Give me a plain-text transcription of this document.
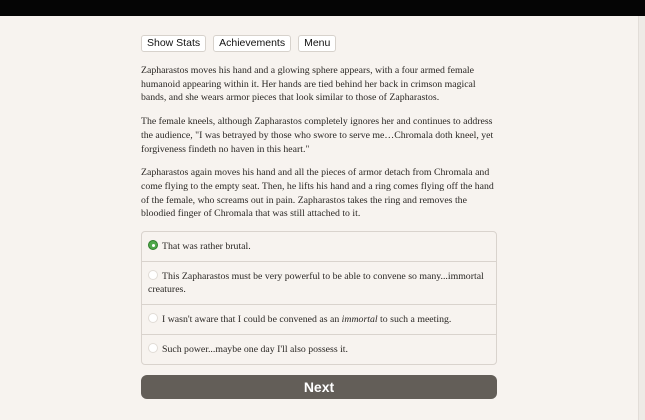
Show Stats	Achievements	Menu

Zapharastos moves his hand and a glowing sphere appears, with a four armed female humanoid appearing within it. Her hands are tied behind her back in crimson magical bands, and she wears armor pieces that look similar to those of Zapharastos.

The female kneels, although Zapharastos completely ignores her and continues to address the audience, "I was betrayed by those who swore to serve me…Chromala doth kneel, yet forgiveness findeth no haven in this heart."

Zapharastos again moves his hand and all the pieces of armor detach from Chromala and come flying to the empty seat. Then, he lifts his hand and a ring comes flying off the hand of the female, who screams out in pain. Zapharastos takes the ring and removes the bloodied finger of Chromala that was still attached to it.

That was rather brutal.
This Zapharastos must be very powerful to be able to convene so many...immortal creatures.
I wasn't aware that I could be convened as an immortal to such a meeting.
Such power...maybe one day I'll also possess it.
Next
